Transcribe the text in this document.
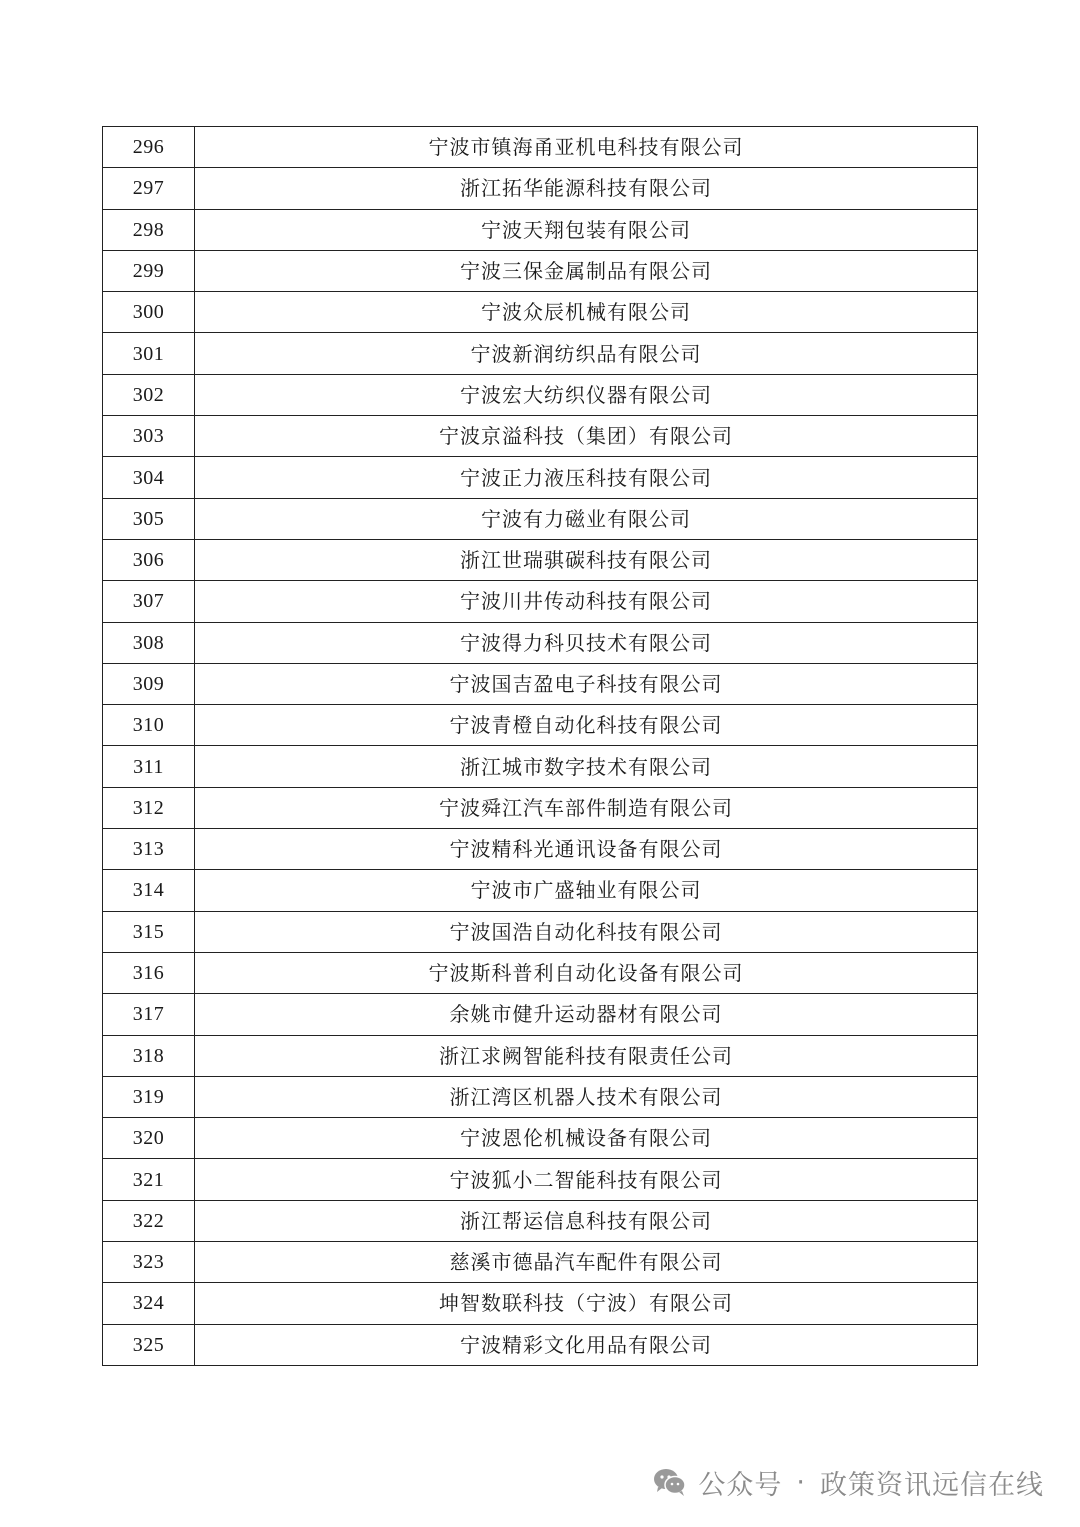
296	宁波市镇海甬亚机电科技有限公司
297	浙江拓华能源科技有限公司
298	宁波天翔包装有限公司
299	宁波三保金属制品有限公司
300	宁波众辰机械有限公司
301	宁波新润纺织品有限公司
302	宁波宏大纺织仪器有限公司
303	宁波京溢科技（集团）有限公司
304	宁波正力液压科技有限公司
305	宁波有力磁业有限公司
306	浙江世瑞骐碳科技有限公司
307	宁波川井传动科技有限公司
308	宁波得力科贝技术有限公司
309	宁波国吉盈电子科技有限公司
310	宁波青橙自动化科技有限公司
311	浙江城市数字技术有限公司
312	宁波舜江汽车部件制造有限公司
313	宁波精科光通讯设备有限公司
314	宁波市广盛轴业有限公司
315	宁波国浩自动化科技有限公司
316	宁波斯科普利自动化设备有限公司
317	余姚市健升运动器材有限公司
318	浙江求阙智能科技有限责任公司
319	浙江湾区机器人技术有限公司
320	宁波恩伦机械设备有限公司
321	宁波狐小二智能科技有限公司
322	浙江帮运信息科技有限公司
323	慈溪市德晶汽车配件有限公司
324	坤智数联科技（宁波）有限公司
325	宁波精彩文化用品有限公司
公众号 · 政策资讯远信在线
